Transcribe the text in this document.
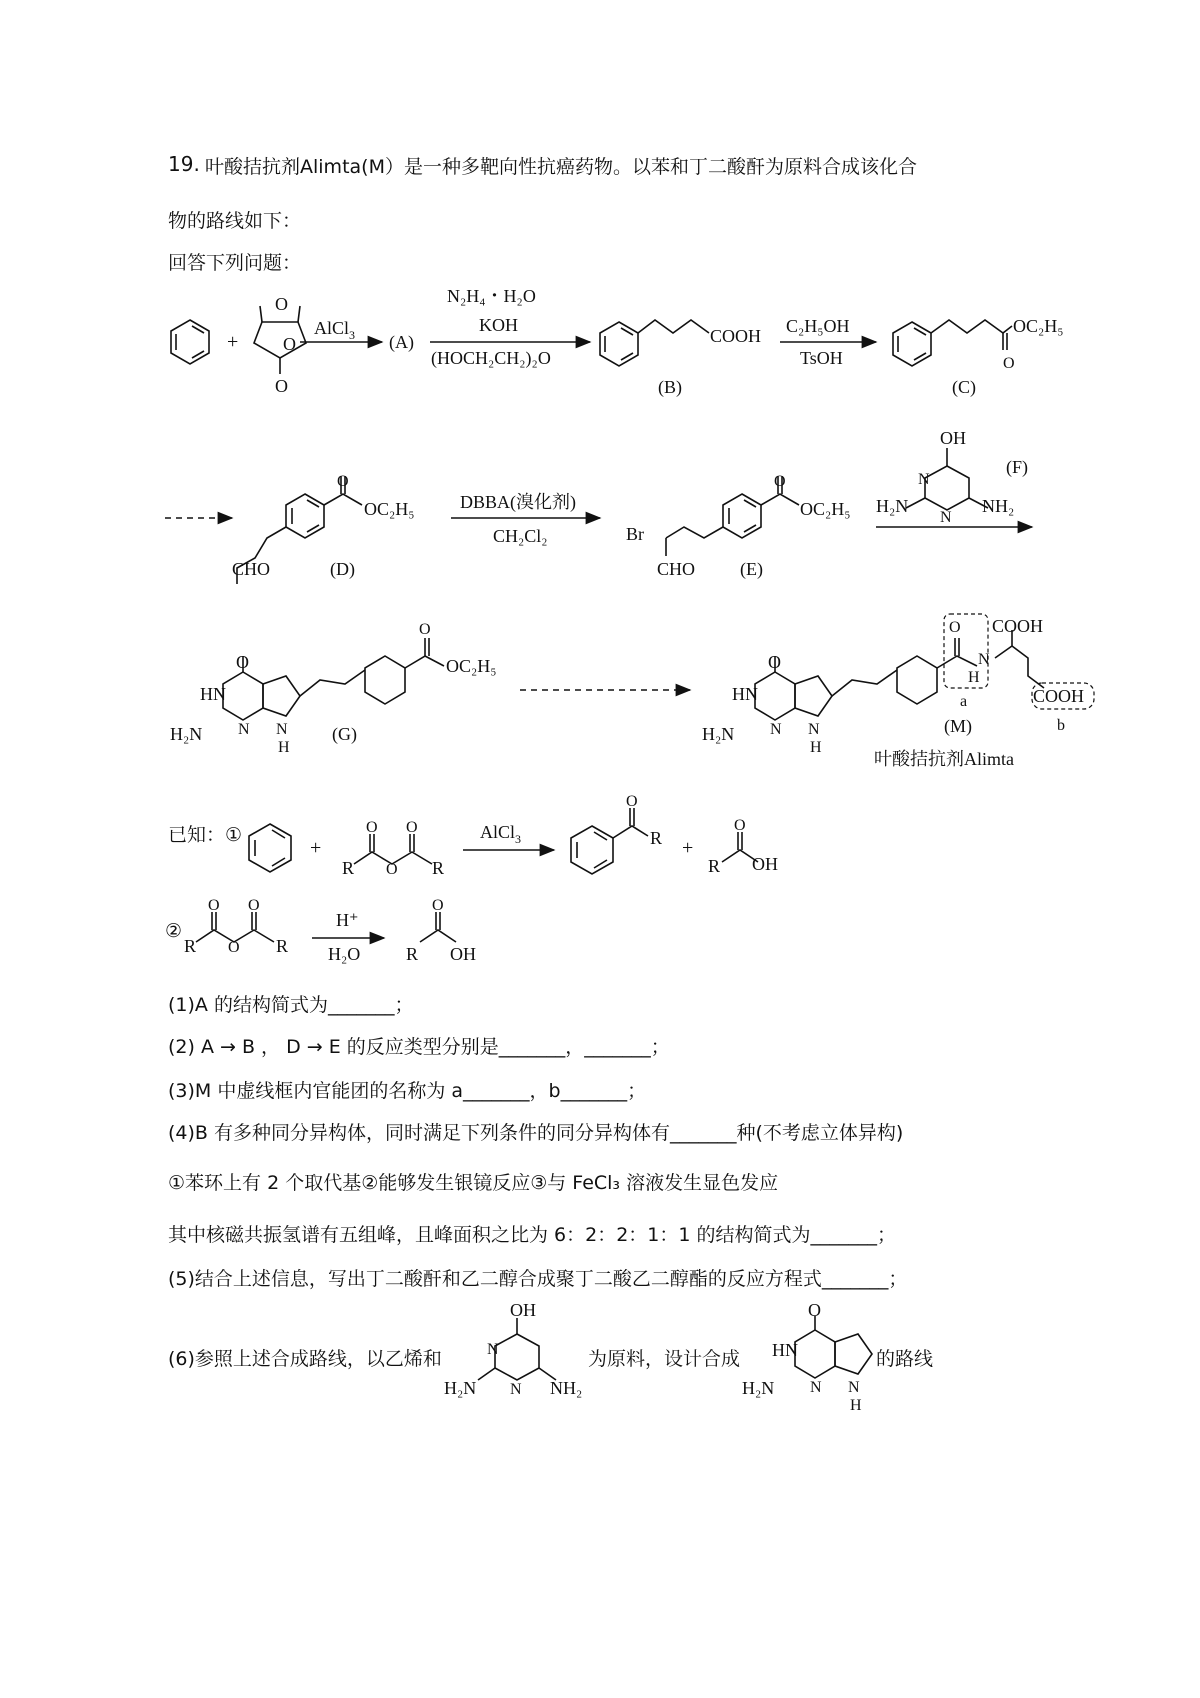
19. 叶酸拮抗剂Alimta(M）是一种多靶向性抗癌药物。以苯和丁二酸酐为原料合成该化合
物的路线如下：
回答下列问题：
+
O
O
O
AlCl$_3$ (A)
N₂H₄・H₂O
KOH
(HOCH₂CH₂)₂O
COOH
(B)
C₂H₅OH
TsOH	O
OC₂H₅
(C)
O
OC₂H₅
CHO	(D)
DBBA(溴化剂)
CH₂Cl₂
O
OC₂H₅
Br
CHO (E)
OH
(F)
N
N
H₂N	NH₂
O
O
OC₂H₅
HN
N
H₂N	N
H
(G)
O
O
N
H
COOH
COOH
a
b
HN
N
H₂N	N
H
(M)
叶酸拮抗剂Alimta
+
O O
R O R
AlCl$_3$
O
R +
O
R OH
O O
R O R
H⁺
H₂O
O
R OH
OH
N
N
H₂N	NH₂
O
HN
N
H₂N	N
H
已知：①
②
(1)A 的结构简式为_______；
(2) A → B ， D → E 的反应类型分别是_______，_______；
(3)M 中虚线框内官能团的名称为 a_______，b_______；
(4)B 有多种同分异构体，同时满足下列条件的同分异构体有_______种(不考虑立体异构)
①苯环上有 2 个取代基②能够发生银镜反应③与 FeCl₃ 溶液发生显色发应
其中核磁共振氢谱有五组峰，且峰面积之比为 6：2：2：1：1 的结构简式为_______；
(5)结合上述信息，写出丁二酸酐和乙二醇合成聚丁二酸乙二醇酯的反应方程式_______；
(6)参照上述合成路线，以乙烯和	为原料，设计合成	的路线
